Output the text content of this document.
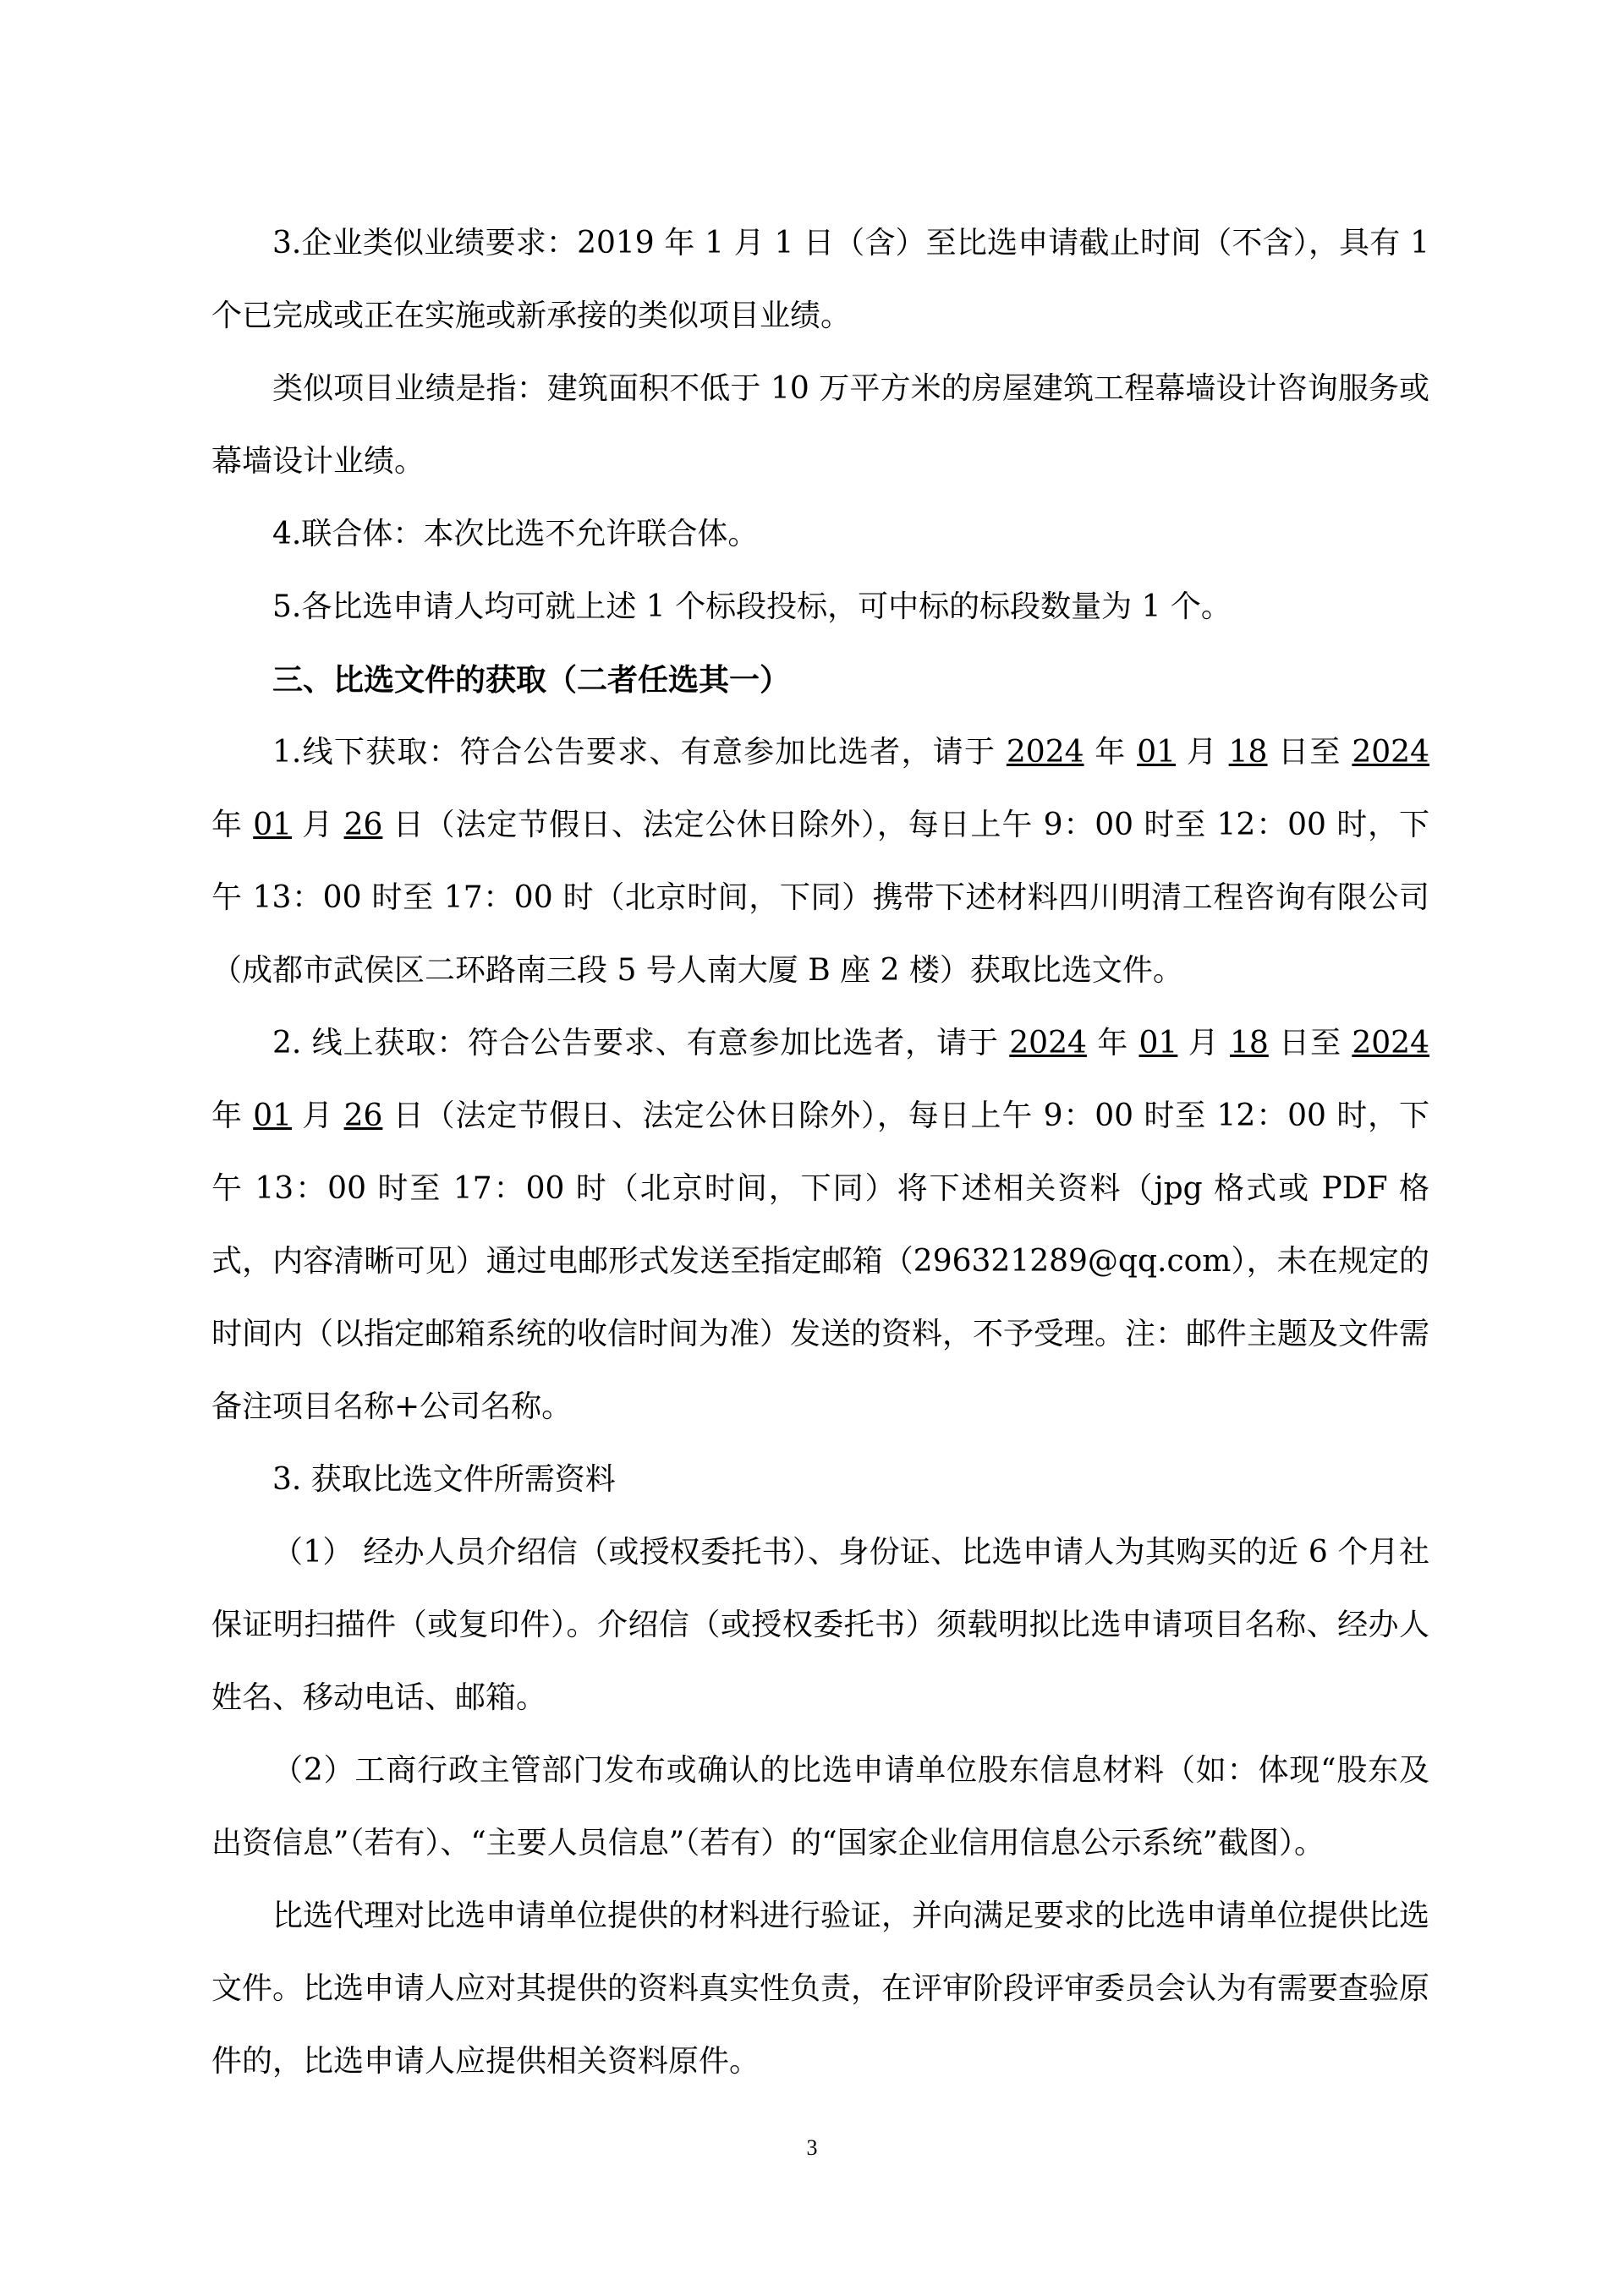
3.企业类似业绩要求：2019 年 1 月 1 日（含）至比选申请截止时间（不含），具有 1 个已完成或正在实施或新承接的类似项目业绩。

类似项目业绩是指：建筑面积不低于 10 万平方米的房屋建筑工程幕墙设计咨询服务或幕墙设计业绩。

4.联合体：本次比选不允许联合体。

5.各比选申请人均可就上述 1 个标段投标，可中标的标段数量为 1 个。

三、比选文件的获取（二者任选其一）

1.线下获取：符合公告要求、有意参加比选者，请于 2024 年 01 月 18 日至 2024 年 01 月 26 日（法定节假日、法定公休日除外），每日上午 9：00 时至 12：00 时，下午 13：00 时至 17：00 时（北京时间，下同）携带下述材料四川明清工程咨询有限公司（成都市武侯区二环路南三段 5 号人南大厦 B 座 2 楼）获取比选文件。

2. 线上获取：符合公告要求、有意参加比选者，请于 2024 年 01 月 18 日至 2024 年 01 月 26 日（法定节假日、法定公休日除外），每日上午 9：00 时至 12：00 时，下午 13：00 时至 17：00 时（北京时间，下同）将下述相关资料（jpg 格式或 PDF 格式，内容清晰可见）通过电邮形式发送至指定邮箱（296321289@qq.com），未在规定的时间内（以指定邮箱系统的收信时间为准）发送的资料，不予受理。注：邮件主题及文件需备注项目名称+公司名称。

3. 获取比选文件所需资料

（1） 经办人员介绍信（或授权委托书）、身份证、比选申请人为其购买的近 6 个月社保证明扫描件（或复印件）。介绍信（或授权委托书）须载明拟比选申请项目名称、经办人姓名、移动电话、邮箱。

（2）工商行政主管部门发布或确认的比选申请单位股东信息材料（如：体现“股东及出资信息”（若有）、“主要人员信息”（若有）的“国家企业信用信息公示系统”截图）。

比选代理对比选申请单位提供的材料进行验证，并向满足要求的比选申请单位提供比选文件。比选申请人应对其提供的资料真实性负责，在评审阶段评审委员会认为有需要查验原件的，比选申请人应提供相关资料原件。

3
